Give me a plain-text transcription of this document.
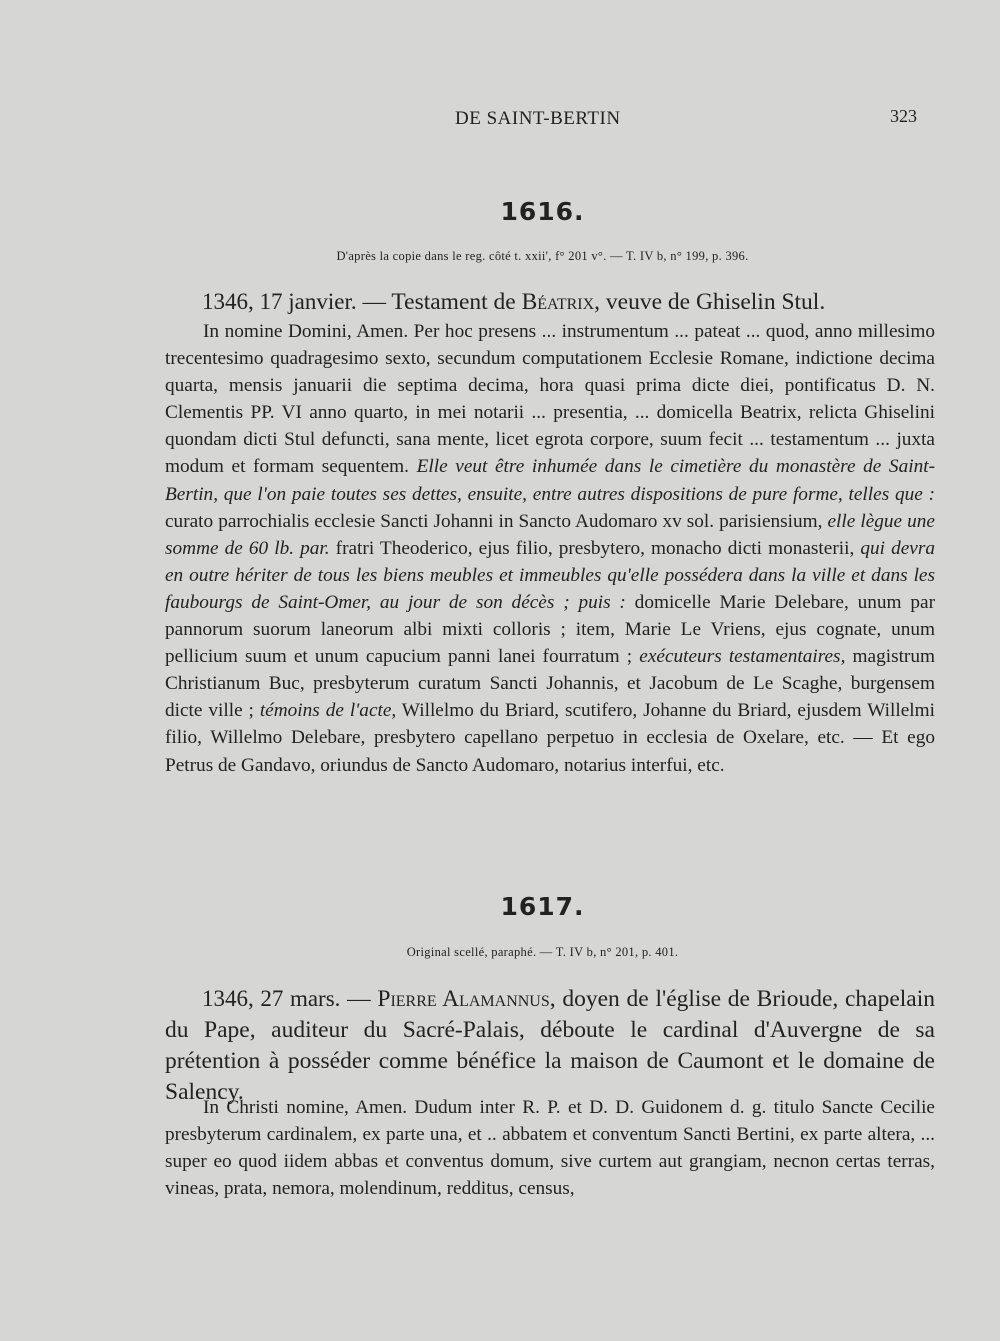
DE SAINT-BERTIN	323
1616.
D'après la copie dans le reg. côté t. xxii', f° 201 v°. — T. IV b, n° 199, p. 396.
1346, 17 janvier. — Testament de Béatrix, veuve de Ghiselin Stul.
In nomine Domini, Amen. Per hoc presens ... instrumentum ... pateat ... quod, anno millesimo trecentesimo quadragesimo sexto, secundum computationem Ecclesie Romane, indictione decima quarta, mensis januarii die septima decima, hora quasi prima dicte diei, pontificatus D. N. Clementis PP. VI anno quarto, in mei notarii ... presentia, ... domicella Beatrix, relicta Ghiselini quondam dicti Stul defuncti, sana mente, licet egrota corpore, suum fecit ... testamentum ... juxta modum et formam sequentem. Elle veut être inhumée dans le cimetière du monastère de Saint-Bertin, que l'on paie toutes ses dettes, ensuite, entre autres dispositions de pure forme, telles que : curato parrochialis ecclesie Sancti Johanni in Sancto Audomaro xv sol. parisiensium, elle lègue une somme de 60 lb. par. fratri Theoderico, ejus filio, presbytero, monacho dicti monasterii, qui devra en outre hériter de tous les biens meubles et immeubles qu'elle possédera dans la ville et dans les faubourgs de Saint-Omer, au jour de son décès ; puis : domicelle Marie Delebare, unum par pannorum suorum laneorum albi mixti colloris ; item, Marie Le Vriens, ejus cognate, unum pellicium suum et unum capucium panni lanei fourratum ; exécuteurs testamentaires, magistrum Christianum Buc, presbyterum curatum Sancti Johannis, et Jacobum de Le Scaghe, burgensem dicte ville ; témoins de l'acte, Willelmo du Briard, scutifero, Johanne du Briard, ejusdem Willelmi filio, Willelmo Delebare, presbytero capellano perpetuo in ecclesia de Oxelare, etc. — Et ego Petrus de Gandavo, oriundus de Sancto Audomaro, notarius interfui, etc.
1617.
Original scellé, paraphé. — T. IV b, n° 201, p. 401.
1346, 27 mars. — Pierre Alamannus, doyen de l'église de Brioude, chapelain du Pape, auditeur du Sacré-Palais, déboute le cardinal d'Auvergne de sa prétention à posséder comme bénéfice la maison de Caumont et le domaine de Salency.
In Christi nomine, Amen. Dudum inter R. P. et D. D. Guidonem d. g. titulo Sancte Cecilie presbyterum cardinalem, ex parte una, et .. abbatem et conventum Sancti Bertini, ex parte altera, ... super eo quod iidem abbas et conventus domum, sive curtem aut grangiam, necnon certas terras, vineas, prata, nemora, molendinum, redditus, census,
